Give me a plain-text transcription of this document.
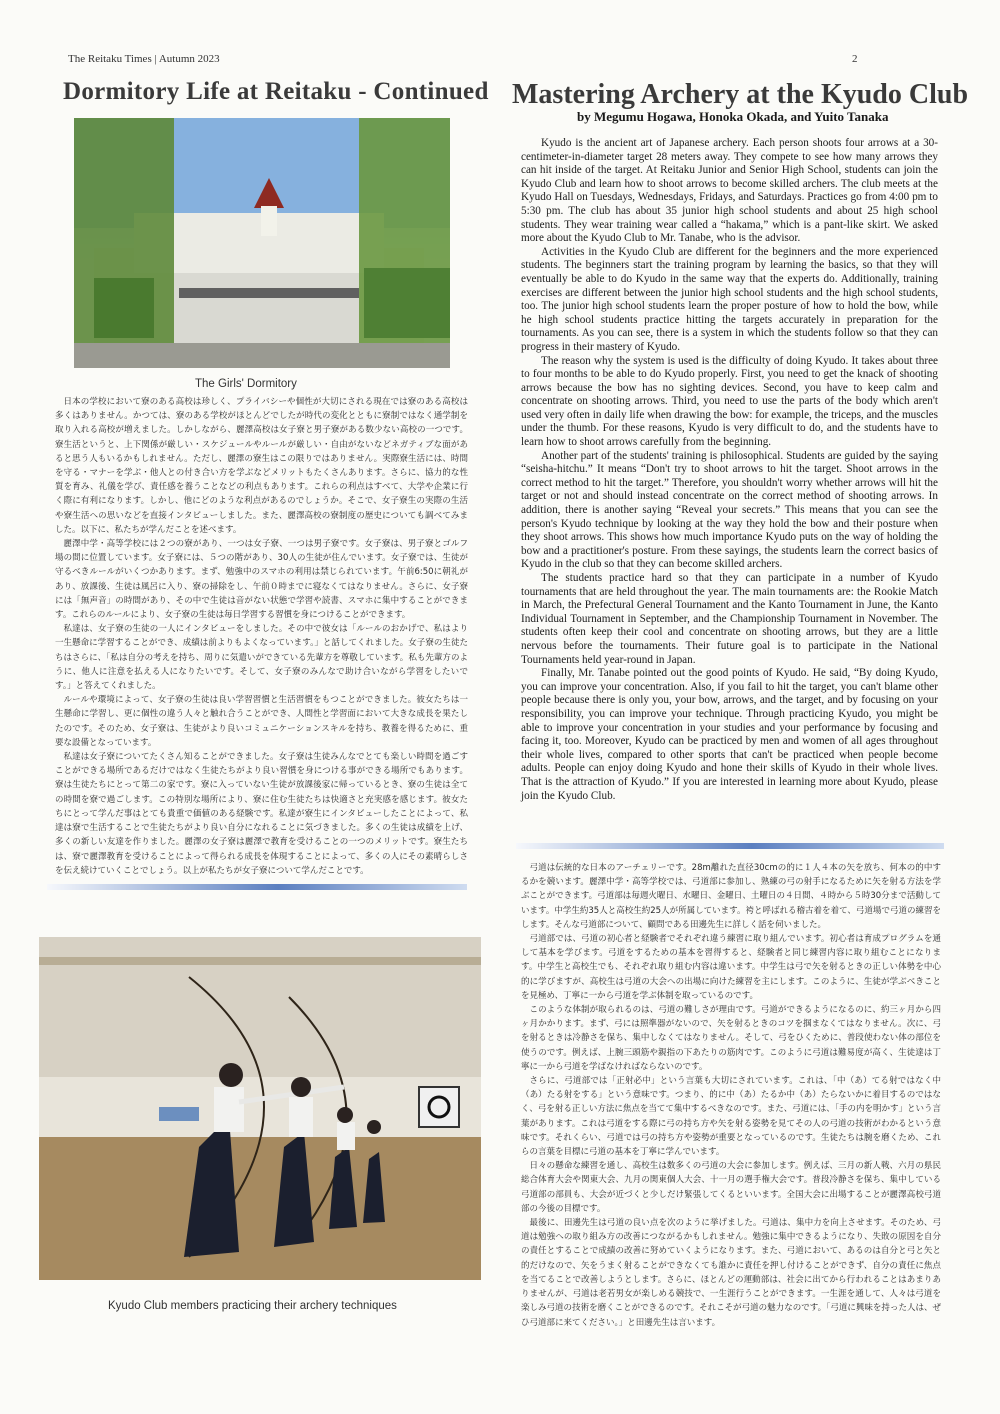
The Reitaku Times | Autumn 2023	2
Dormitory Life at Reitaku - Continued
The Girls' Dormitory

日本の学校において寮のある高校は珍しく、プライバシーや個性が大切にされる現在では寮のある高校は多くはありません。かつては、寮のある学校がほとんどでしたが時代の変化とともに寮制ではなく通学制を取り入れる高校が増えました。しかしながら、麗澤高校は女子寮と男子寮がある数少ない高校の一つです。寮生活というと、上下関係が厳しい・スケジュールやルールが厳しい・自由がないなどネガティブな面があると思う人もいるかもしれません。ただし、麗澤の寮生はこの限りではありません。実際寮生活には、時間を守る・マナーを学ぶ・他人との付き合い方を学ぶなどメリットもたくさんあります。さらに、協力的な性質を育み、礼儀を学び、責任感を養うことなどの利点もあります。これらの利点はすべて、大学や企業に行く際に有利になります。しかし、他にどのような利点があるのでしょうか。そこで、女子寮生の実際の生活や寮生活への思いなどを直接インタビューしました。また、麗澤高校の寮制度の歴史についても調べてみました。以下に、私たちが学んだことを述べます。

麗澤中学・高等学校には２つの寮があり、一つは女子寮、一つは男子寮です。女子寮は、男子寮とゴルフ場の間に位置しています。女子寮には、５つの階があり、30人の生徒が住んでいます。女子寮では、生徒が守るべきルールがいくつかあります。まず、勉強中のスマホの利用は禁じられています。午前6:50に朝礼があり、放課後、生徒は風呂に入り、寮の掃除をし、午前０時までに寝なくてはなりません。さらに、女子寮には「無声音」の時間があり、その中で生徒は音がない状態で学習や読書、スマホに集中することができます。これらのルールにより、女子寮の生徒は毎日学習する習慣を身につけることができます。

私達は、女子寮の生徒の一人にインタビューをしました。その中で彼女は「ルールのおかげで、私はより一生懸命に学習することができ、成績は前よりもよくなっています。」と話してくれました。女子寮の生徒たちはさらに、「私は自分の考えを持ち、周りに気遣いができている先輩方を尊敬しています。私も先輩方のように、他人に注意を払える人になりたいです。そして、女子寮のみんなで助け合いながら学習をしたいです。」と答えてくれました。

ルールや環境によって、女子寮の生徒は良い学習習慣と生活習慣をもつことができました。彼女たちは一生懸命に学習し、更に個性の違う人々と触れ合うことができ、人間性と学習面において大きな成長を果たしたのです。そのため、女子寮は、生徒がより良いコミュニケーションスキルを持ち、教養を得るために、重要な設備となっています。

私達は女子寮についてたくさん知ることができました。女子寮は生徒みんなでとても楽しい時間を過ごすことができる場所であるだけではなく生徒たちがより良い習慣を身につける事ができる場所でもあります。寮は生徒たちにとって第二の家です。寮に入っていない生徒が放課後家に帰っているとき、寮の生徒は全ての時間を寮で過ごします。この特別な場所により、寮に住む生徒たちは快適さと充実感を感じます。彼女たちにとって学んだ事はとても貴重で価値のある経験です。私達が寮生にインタビューしたことによって、私達は寮で生活することで生徒たちがより良い自分になれることに気づきました。多くの生徒は成績を上げ、多くの新しい友達を作りました。麗澤の女子寮は麗澤で教育を受けることの一つのメリットです。寮生たちは、寮で麗澤教育を受けることによって得られる成長を体現することによって、多くの人にその素晴らしさを伝え続けていくことでしょう。以上が私たちが女子寮について学んだことです。

Kyudo Club members practicing their archery techniques
Mastering Archery at the Kyudo Club
by Megumu Hogawa, Honoka Okada, and Yuito Tanaka

Kyudo is the ancient art of Japanese archery. Each person shoots four arrows at a 30-centimeter-in-diameter target 28 meters away. They compete to see how many arrows they can hit inside of the target. At Reitaku Junior and Senior High School, students can join the Kyudo Club and learn how to shoot arrows to become skilled archers. The club meets at the Kyudo Hall on Tuesdays, Wednesdays, Fridays, and Saturdays. Practices go from 4:00 pm to 5:30 pm. The club has about 35 junior high school students and about 25 high school students. They wear training wear called a “hakama,” which is a pant-like skirt. We asked more about the Kyudo Club to Mr. Tanabe, who is the advisor.

Activities in the Kyudo Club are different for the beginners and the more experienced students. The beginners start the training program by learning the basics, so that they will eventually be able to do Kyudo in the same way that the experts do. Additionally, training exercises are different between the junior high school students and the high school students, too. The junior high school students learn the proper posture of how to hold the bow, while he high school students practice hitting the targets accurately in preparation for the tournaments. As you can see, there is a system in which the students follow so that they can progress in their mastery of Kyudo.

The reason why the system is used is the difficulty of doing Kyudo. It takes about three to four months to be able to do Kyudo properly. First, you need to get the knack of shooting arrows because the bow has no sighting devices. Second, you have to keep calm and concentrate on shooting arrows. Third, you need to use the parts of the body which aren't used very often in daily life when drawing the bow: for example, the triceps, and the muscles under the thumb. For these reasons, Kyudo is very difficult to do, and the students have to learn how to shoot arrows carefully from the beginning.

Another part of the students' training is philosophical. Students are guided by the saying “seisha-hitchu.” It means “Don't try to shoot arrows to hit the target. Shoot arrows in the correct method to hit the target.” Therefore, you shouldn't worry whether arrows will hit the target or not and should instead concentrate on the correct method of shooting arrows. In addition, there is another saying “Reveal your secrets.” This means that you can see the person's Kyudo technique by looking at the way they hold the bow and their posture when they shoot arrows. This shows how much importance Kyudo puts on the way of holding the bow and a practitioner's posture. From these sayings, the students learn the correct basics of Kyudo in the club so that they can become skilled archers.

The students practice hard so that they can participate in a number of Kyudo tournaments that are held throughout the year. The main tournaments are: the Rookie Match in March, the Prefectural General Tournament and the Kanto Tournament in June, the Kanto Individual Tournament in September, and the Championship Tournament in November. The students often keep their cool and concentrate on shooting arrows, but they are a little nervous before the tournaments. Their future goal is to participate in the National Tournaments held year-round in Japan.

Finally, Mr. Tanabe pointed out the good points of Kyudo. He said, “By doing Kyudo, you can improve your concentration. Also, if you fail to hit the target, you can't blame other people because there is only you, your bow, arrows, and the target, and by focusing on your responsibility, you can improve your technique. Through practicing Kyudo, you might be able to improve your concentration in your studies and your performance by focusing and facing it, too. Moreover, Kyudo can be practiced by men and women of all ages throughout their whole lives, compared to other sports that can't be practiced when people become adults. People can enjoy doing Kyudo and hone their skills of Kyudo in their whole lives. That is the attraction of Kyudo.” If you are interested in learning more about Kyudo, please join the Kyudo Club.

弓道は伝統的な日本のアーチェリーです。28m離れた直径30cmの的に１人４本の矢を放ち、何本の的中するかを競います。麗澤中学・高等学校では、弓道部に参加し、熟練の弓の射手になるために矢を射る方法を学ぶことができます。弓道部は毎週火曜日、水曜日、金曜日、土曜日の４日間、４時から５時30分まで活動しています。中学生約35人と高校生約25人が所属しています。袴と呼ばれる稽古着を着て、弓道場で弓道の練習をします。そんな弓道部について、顧問である田邊先生に詳しく話を伺いました。

弓道部では、弓道の初心者と経験者でそれぞれ違う練習に取り組んでいます。初心者は育成プログラムを通して基本を学びます。弓道をするための基本を習得すると、経験者と同じ練習内容に取り組むことになります。中学生と高校生でも、それぞれ取り組む内容は違います。中学生は弓で矢を射るときの正しい体勢を中心的に学びますが、高校生は弓道の大会への出場に向けた練習を主にします。このように、生徒が学ぶべきことを見極め、丁寧に一から弓道を学ぶ体制を取っているのです。

このような体制が取られるのは、弓道の難しさが理由です。弓道ができるようになるのに、約三ヶ月から四ヶ月かかります。まず、弓には照準器がないので、矢を射るときのコツを掴まなくてはなりません。次に、弓を射るときは冷静さを保ち、集中しなくてはなりません。そして、弓をひくために、普段使わない体の部位を使うのです。例えば、上腕三頭筋や親指の下あたりの筋肉です。このように弓道は難易度が高く、生徒達は丁寧に一から弓道を学ばなければならないのです。

さらに、弓道部では「正射必中」という言葉も大切にされています。これは、「中（あ）てる射ではなく中（あ）たる射をする」という意味です。つまり、的に中（あ）たるか中（あ）たらないかに着目するのではなく、弓を射る正しい方法に焦点を当てて集中するべきなのです。また、弓道には、「手の内を明かす」という言葉があります。これは弓道をする際に弓の持ち方や矢を射る姿勢を見てその人の弓道の技術がわかるという意味です。それくらい、弓道では弓の持ち方や姿勢が重要となっているのです。生徒たちは腕を磨くため、これらの言葉を目標に弓道の基本を丁寧に学んでいます。

日々の懸命な練習を通し、高校生は数多くの弓道の大会に参加します。例えば、三月の新人戦、六月の県民総合体育大会や関東大会、九月の関東個人大会、十一月の選手権大会です。普段冷静さを保ち、集中している弓道部の部員も、大会が近づくと少しだけ緊張してくるといいます。全国大会に出場することが麗澤高校弓道部の今後の目標です。

最後に、田邊先生は弓道の良い点を次のように挙げました。弓道は、集中力を向上させます。そのため、弓道は勉強への取り組み方の改善につながるかもしれません。勉強に集中できるようになり、失敗の原因を自分の責任とすることで成績の改善に努めていくようになります。また、弓道において、あるのは自分と弓と矢と的だけなので、矢をうまく射ることができなくても誰かに責任を押し付けることができず、自分の責任に焦点を当てることで改善しようとします。さらに、ほとんどの運動部は、社会に出てから行われることはあまりありませんが、弓道は老若男女が楽しめる競技で、一生涯行うことができます。一生涯を通して、人々は弓道を楽しみ弓道の技術を磨くことができるのです。それこそが弓道の魅力なのです。「弓道に興味を持った人は、ぜひ弓道部に来てください。」と田邊先生は言います。
